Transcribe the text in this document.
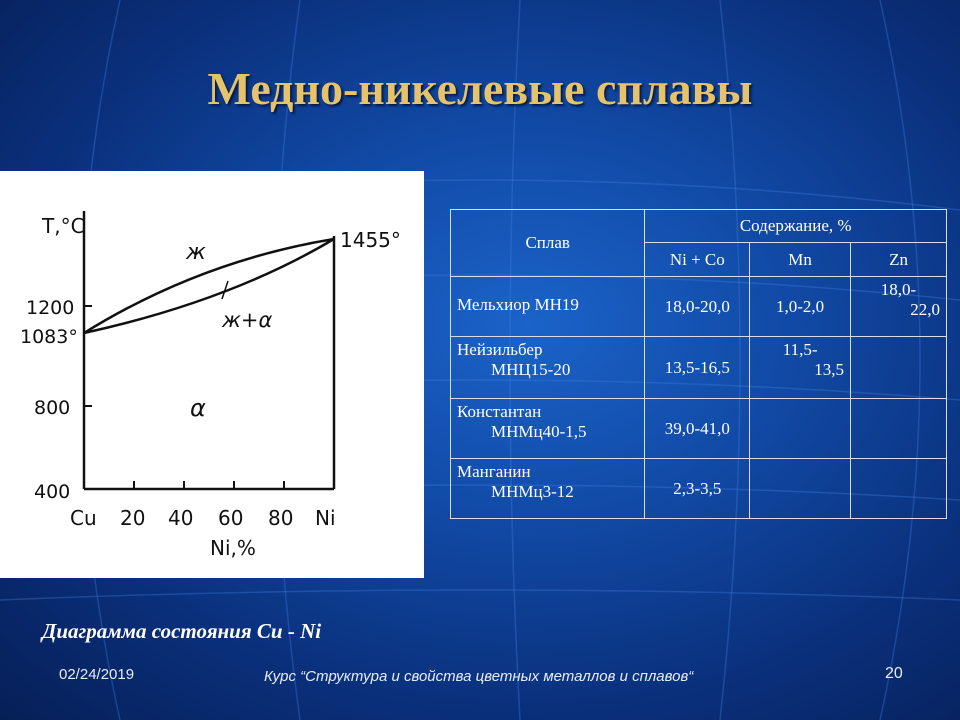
Медно-никелевые сплавы
T,°C
1455°
1200
1083°
800
400
Cu 20 40 60 80 Ni
Ni,%
ж
ж+α
α
Сплав	Содержание, %		
	Ni + Co	Mn	Zn

Мельхиор МН19	18,0-20,0	1,0-2,0	18,0-
22,0

Нейзильбер
МНЦ15-20	13,5-16,5	11,5-
13,5	

Константан
МНМц40-1,5	39,0-41,0		

Манганин
МНМц3-12	2,3-3,5		
Диаграмма состояния Cu - Ni
02/24/2019	Курс “Структура и свойства цветных металлов и сплавов“	20
